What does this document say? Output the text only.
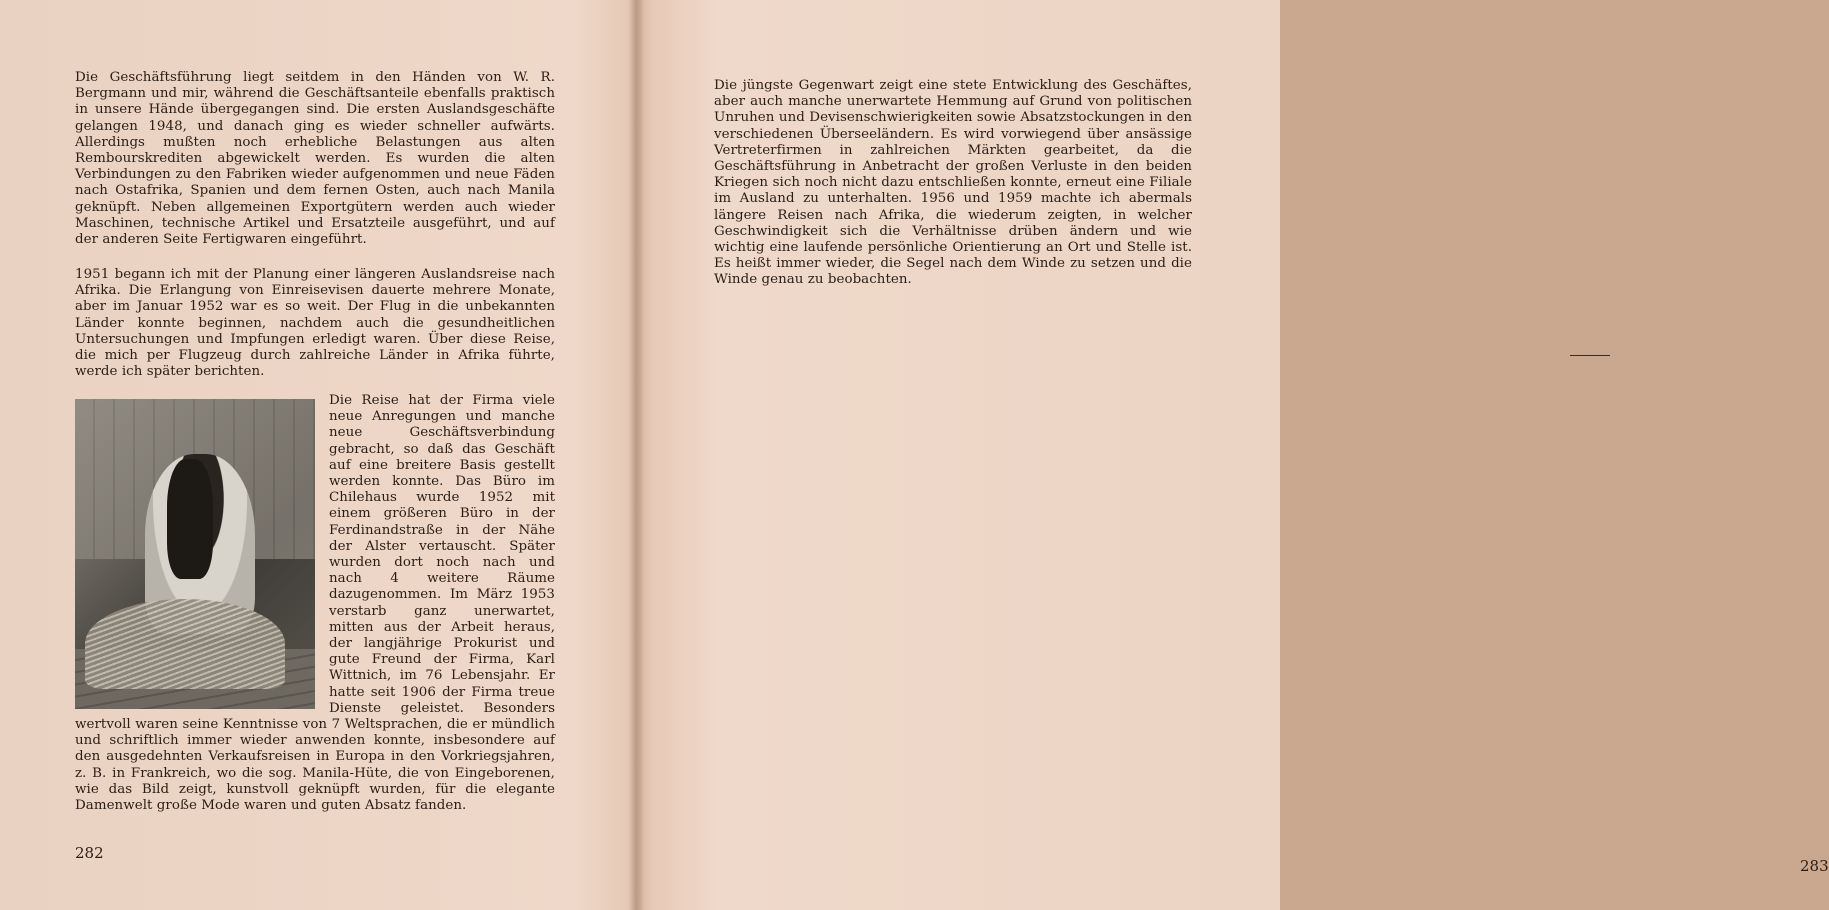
Die Geschäftsführung liegt seitdem in den Händen von W. R. Bergmann und mir, während die Geschäftsanteile ebenfalls praktisch in unsere Hände übergegangen sind. Die ersten Auslandsgeschäfte gelangen 1948, und danach ging es wieder schneller aufwärts. Allerdings mußten noch erhebliche Belastungen aus alten Rembourskrediten abgewickelt werden. Es wurden die alten Verbindungen zu den Fabriken wieder aufgenommen und neue Fäden nach Ostafrika, Spanien und dem fernen Osten, auch nach Manila geknüpft. Neben allgemeinen Exportgütern werden auch wieder Maschinen, technische Artikel und Ersatzteile ausgeführt, und auf der anderen Seite Fertigwaren eingeführt.

1951 begann ich mit der Planung einer längeren Auslandsreise nach Afrika. Die Erlangung von Einreisevisen dauerte mehrere Monate, aber im Januar 1952 war es so weit. Der Flug in die unbekannten Länder konnte beginnen, nachdem auch die gesundheitlichen Untersuchungen und Impfungen erledigt waren. Über diese Reise, die mich per Flugzeug durch zahlreiche Länder in Afrika führte, werde ich später berichten.

Die Reise hat der Firma viele neue Anregungen und manche neue Geschäftsverbindung gebracht, so daß das Geschäft auf eine breitere Basis gestellt werden konnte. Das Büro im Chilehaus wurde 1952 mit einem größeren Büro in der Ferdinandstraße in der Nähe der Alster vertauscht. Später wurden dort noch nach und nach 4 weitere Räume dazugenommen. Im März 1953 verstarb ganz unerwartet, mitten aus der Arbeit heraus, der langjährige Prokurist und gute Freund der Firma, Karl Wittnich, im 76 Lebensjahr. Er hatte seit 1906 der Firma treue Dienste geleistet. Besonders wertvoll waren seine Kenntnisse von 7 Weltsprachen, die er mündlich und schriftlich immer wieder anwenden konnte, insbesondere auf den ausgedehnten Verkaufsreisen in Europa in den Vorkriegsjahren, z. B. in Frankreich, wo die sog. Manila-Hüte, die von Eingeborenen, wie das Bild zeigt, kunstvoll geknüpft wurden, für die elegante Damenwelt große Mode waren und guten Absatz fanden.
282
283

Die jüngste Gegenwart zeigt eine stete Entwicklung des Geschäftes, aber auch manche unerwartete Hemmung auf Grund von politischen Unruhen und Devisenschwierigkeiten sowie Absatzstockungen in den verschiedenen Überseeländern. Es wird vorwiegend über ansässige Vertreterfirmen in zahlreichen Märkten gearbeitet, da die Geschäftsführung in Anbetracht der großen Verluste in den beiden Kriegen sich noch nicht dazu entschließen konnte, erneut eine Filiale im Ausland zu unterhalten. 1956 und 1959 machte ich abermals längere Reisen nach Afrika, die wiederum zeigten, in welcher Geschwindigkeit sich die Verhältnisse drüben ändern und wie wichtig eine laufende persönliche Orientierung an Ort und Stelle ist. Es heißt immer wieder, die Segel nach dem Winde zu setzen und die Winde genau zu beobachten.
